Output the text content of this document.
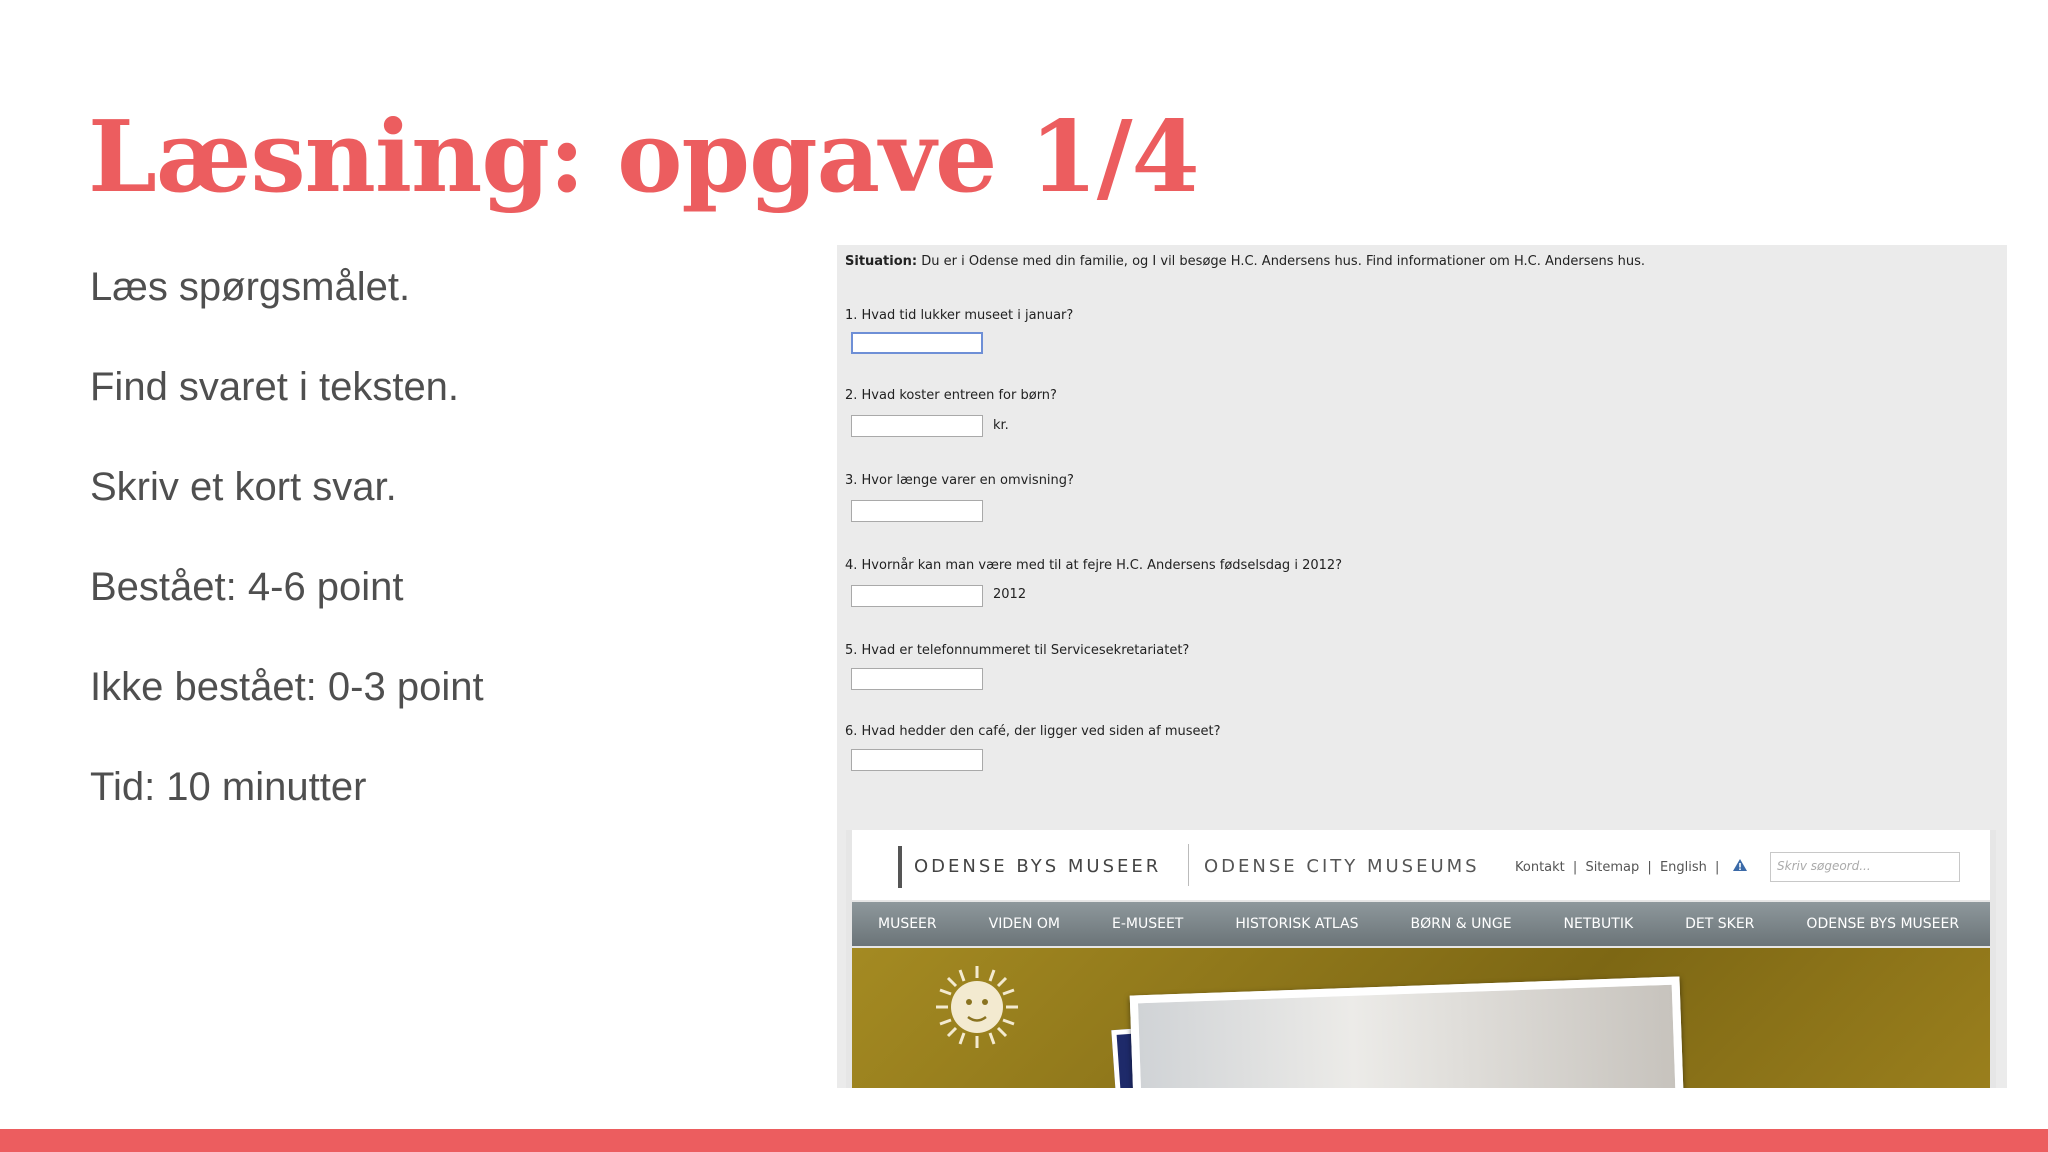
Læsning: opgave 1/4
Læs spørgsmålet.
Find svaret i teksten.
Skriv et kort svar.
Bestået: 4-6 point
Ikke bestået: 0-3 point
Tid: 10 minutter
Situation: Du er i Odense med din familie, og I vil besøge H.C. Andersens hus. Find informationer om H.C. Andersens hus.
1. Hvad tid lukker museet i januar?
2. Hvad koster entreen for børn?
kr.
3. Hvor længe varer en omvisning?
4. Hvornår kan man være med til at fejre H.C. Andersens fødselsdag i 2012?
2012
5. Hvad er telefonnummeret til Servicesekretariatet?
6. Hvad hedder den café, der ligger ved siden af museet?
ODENSE BYS MUSEER ODENSE CITY MUSEUMS	Kontakt | Sitemap | English |	Skriv søgeord...
MUSEER	VIDEN OM	E-MUSEET	HISTORISK ATLAS	BØRN & UNGE	NETBUTIK	DET SKER	ODENSE BYS MUSEER
